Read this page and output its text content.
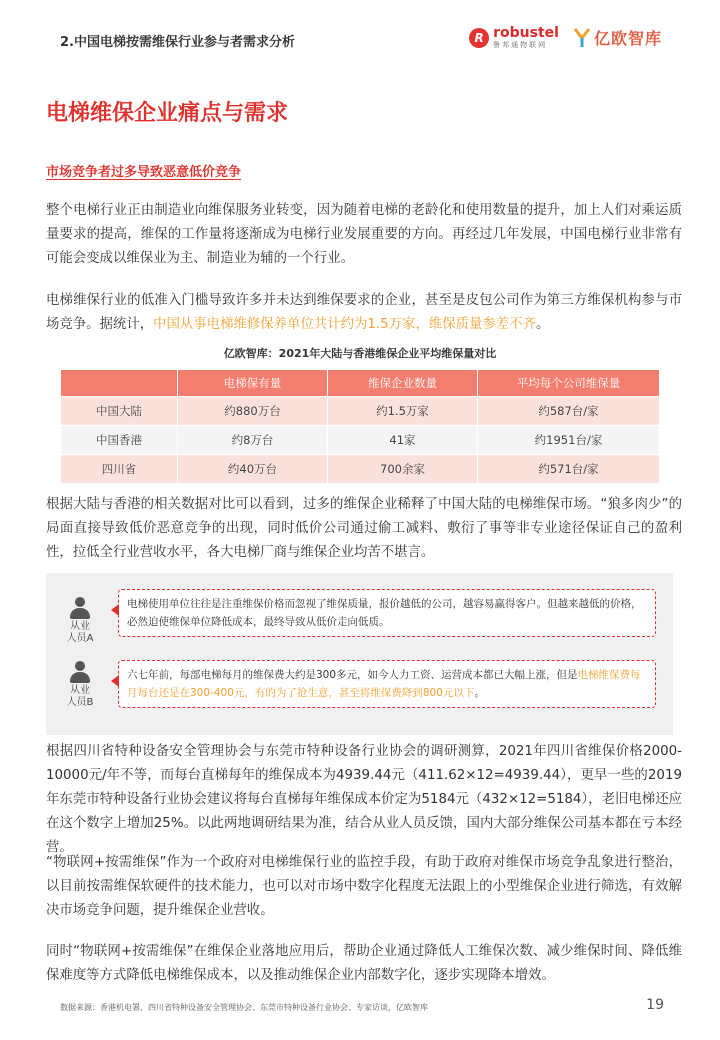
2.中国电梯按需维保行业参与者需求分析	R robustel
鲁邦通物联网	亿欧智库
电梯维保企业痛点与需求
市场竞争者过多导致恶意低价竞争

整个电梯行业正由制造业向维保服务业转变，因为随着电梯的老龄化和使用数量的提升，加上人们对乘运质量要求的提高，维保的工作量将逐渐成为电梯行业发展重要的方向。再经过几年发展，中国电梯行业非常有可能会变成以维保业为主、制造业为辅的一个行业。

电梯维保行业的低准入门槛导致许多并未达到维保要求的企业，甚至是皮包公司作为第三方维保机构参与市场竞争。据统计，中国从事电梯维修保养单位共计约为1.5万家，维保质量参差不齐。

亿欧智库：2021年大陆与香港维保企业平均维保量对比
	电梯保有量	维保企业数量	平均每个公司维保量
中国大陆	约880万台	约1.5万家	约587台/家
中国香港	约8万台	41家	约1951台/家
四川省	约40万台	700余家	约571台/家

根据大陆与香港的相关数据对比可以看到，过多的维保企业稀释了中国大陆的电梯维保市场。“狼多肉少”的局面直接导致低价恶意竞争的出现，同时低价公司通过偷工减料、敷衍了事等非专业途径保证自己的盈利性，拉低全行业营收水平，各大电梯厂商与维保企业均苦不堪言。

从业
人员A
电梯使用单位往往是注重维保价格而忽视了维保质量，报价越低的公司，越容易赢得客户。但越来越低的价格，必然迫使维保单位降低成本，最终导致从低价走向低质。
从业
人员B
六七年前，每部电梯每月的维保费大约是300多元，如今人力工资、运营成本都已大幅上涨，但是电梯维保费每月每台还是在300-400元，有的为了抢生意，甚至将维保费降到800元以下。

根据四川省特种设备安全管理协会与东莞市特种设备行业协会的调研测算，2021年四川省维保价格2000-10000元/年不等，而每台直梯每年的维保成本为4939.44元（411.62×12=4939.44），更早一些的2019年东莞市特种设备行业协会建议将每台直梯每年维保成本价定为5184元（432×12=5184），老旧电梯还应在这个数字上增加25%。以此两地调研结果为准，结合从业人员反馈，国内大部分维保公司基本都在亏本经营。

“物联网+按需维保”作为一个政府对电梯维保行业的监控手段，有助于政府对维保市场竞争乱象进行整治，以目前按需维保软硬件的技术能力，也可以对市场中数字化程度无法跟上的小型维保企业进行筛选，有效解决市场竞争问题，提升维保企业营收。

同时“物联网+按需维保”在维保企业落地应用后，帮助企业通过降低人工维保次数、减少维保时间、降低维保难度等方式降低电梯维保成本，以及推动维保企业内部数字化，逐步实现降本增效。

数据来源：香港机电署、四川省特种设备安全管理协会、东莞市特种设备行业协会、专家访谈，亿欧智库	19
